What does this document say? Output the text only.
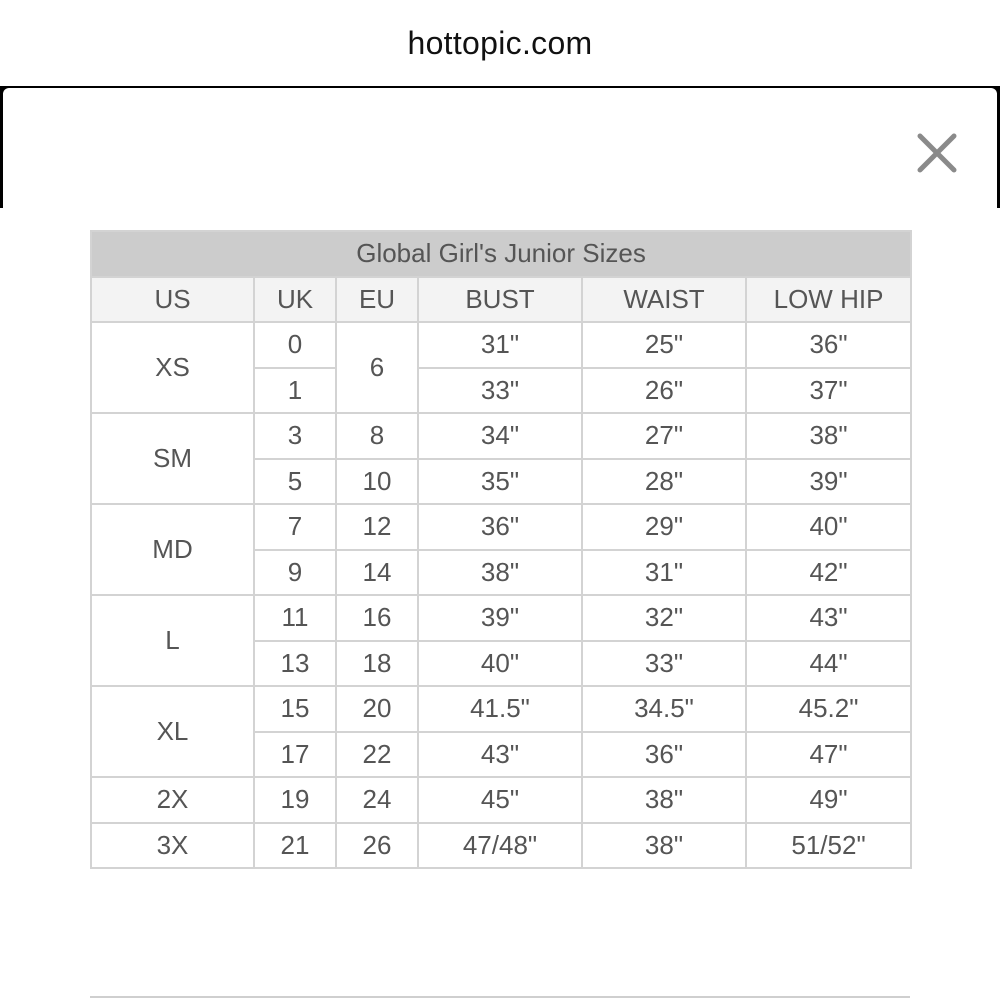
hottopic.com
Global Girl's Junior Sizes					
US	UK	EU	BUST	WAIST	LOW HIP
XS	0	6	31"	25"	36"
	1		33"	26"	37"
SM	3	8	34"	27"	38"
	5	10	35"	28"	39"
MD	7	12	36"	29"	40"
	9	14	38"	31"	42"
L	11	16	39"	32"	43"
	13	18	40"	33"	44"
XL	15	20	41.5"	34.5"	45.2"
	17	22	43"	36"	47"
2X	19	24	45"	38"	49"
3X	21	26	47/48"	38"	51/52"
